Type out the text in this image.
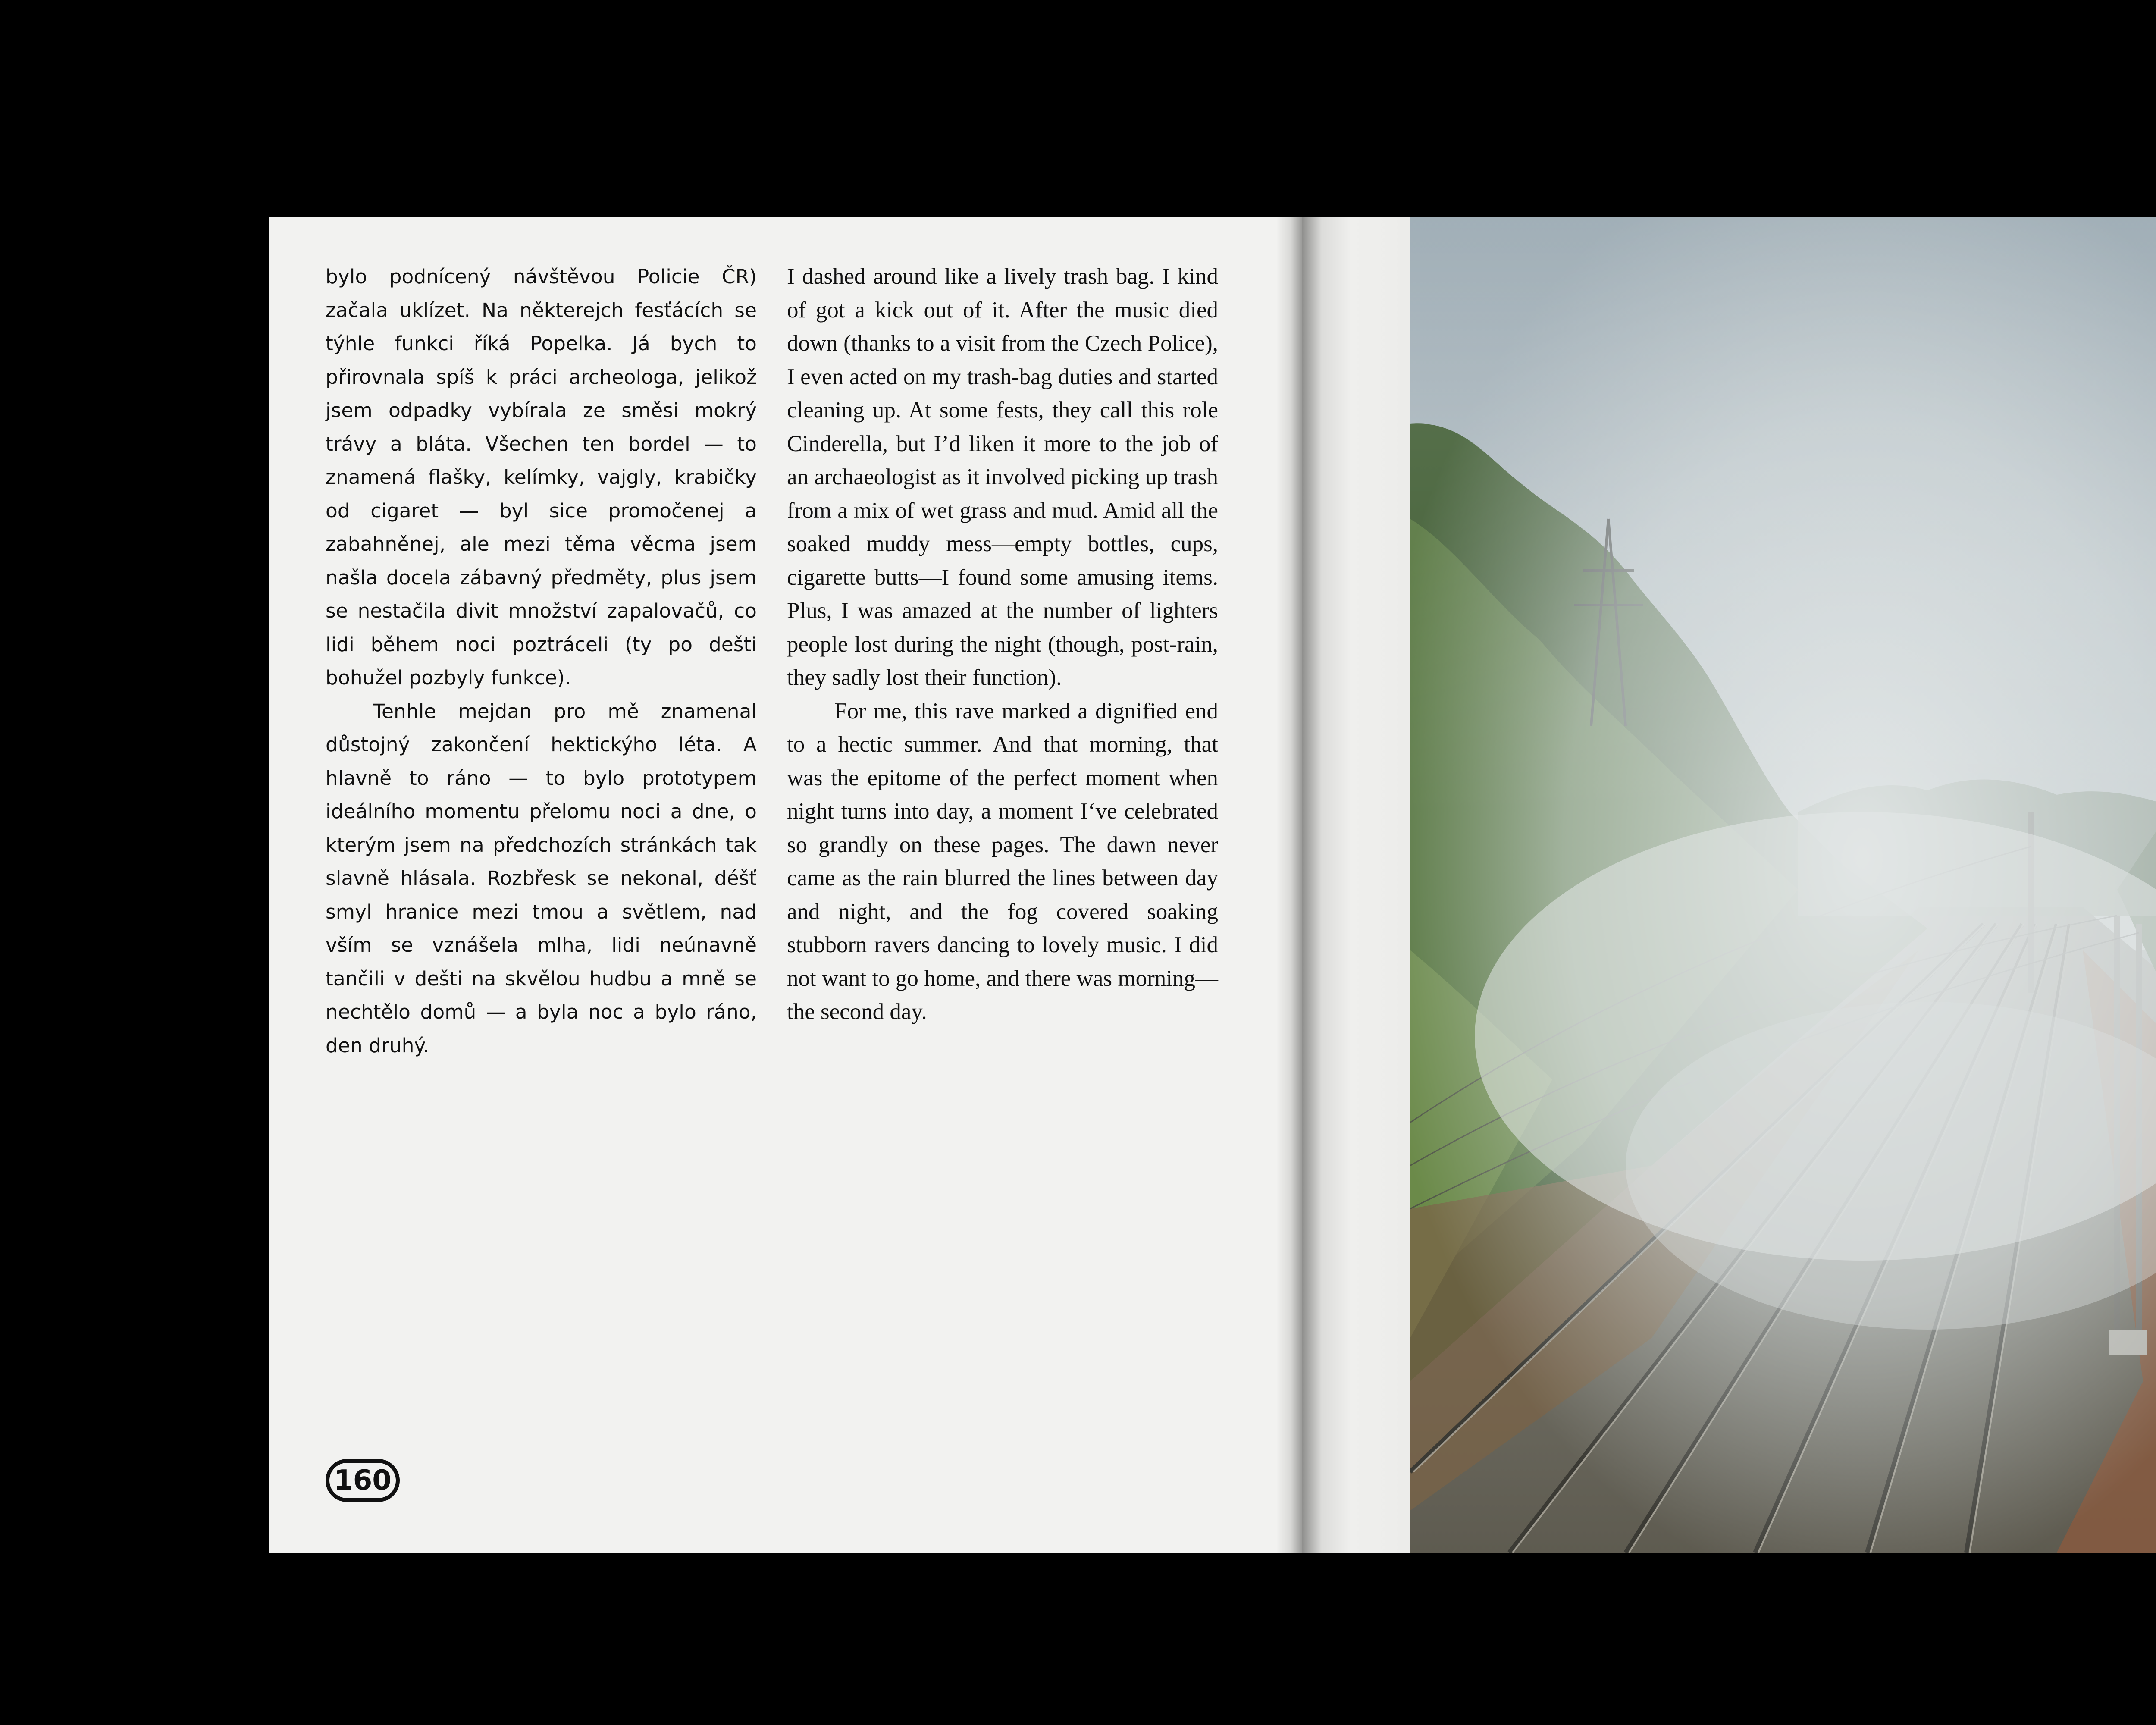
bylo podnícený návštěvou Policie ČR) začala uklízet. Na některejch fesťácích se týhle funkci říká Popelka. Já bych to přirovnala spíš k práci archeologa, jelikož jsem odpadky vybírala ze směsi mokrý trávy a bláta. Všechen ten bordel — to znamená flašky, kelímky, vajgly, krabičky od cigaret — byl sice promočenej a zabahněnej, ale mezi těma věcma jsem našla docela zábavný předměty, plus jsem se nestačila divit množství zapalovačů, co lidi během noci poztráceli (ty po dešti bohužel pozbyly funkce).

Tenhle mejdan pro mě znamenal důstojný zakončení hektickýho léta. A hlavně to ráno — to bylo prototypem ideálního momentu přelomu noci a dne, o kterým jsem na předchozích stránkách tak slavně hlásala. Rozbřesk se nekonal, déšť smyl hranice mezi tmou a světlem, nad vším se vznášela mlha, lidi neúnavně tančili v dešti na skvělou hudbu a mně se nechtělo domů — a byla noc a bylo ráno, den druhý.

I dashed around like a lively trash bag. I kind of got a kick out of it. After the music died down (thanks to a visit from the Czech Police), I even acted on my trash-bag duties and started cleaning up. At some fests, they call this role Cinderella, but I’d liken it more to the job of an archaeologist as it involved picking up trash from a mix of wet grass and mud. Amid all the soaked muddy mess—empty bottles, cups, cigarette butts—I found some amusing items. Plus, I was amazed at the number of lighters people lost during the night (though, post-rain, they sadly lost their function).

For me, this rave marked a dignified end to a hectic summer. And that morning, that was the epitome of the perfect moment when night turns into day, a moment I‘ve celebrated so grandly on these pages. The dawn never came as the rain blurred the lines between day and night, and the fog covered soaking stubborn ravers dancing to lovely music. I did not want to go home, and there was morning—the second day.

160
